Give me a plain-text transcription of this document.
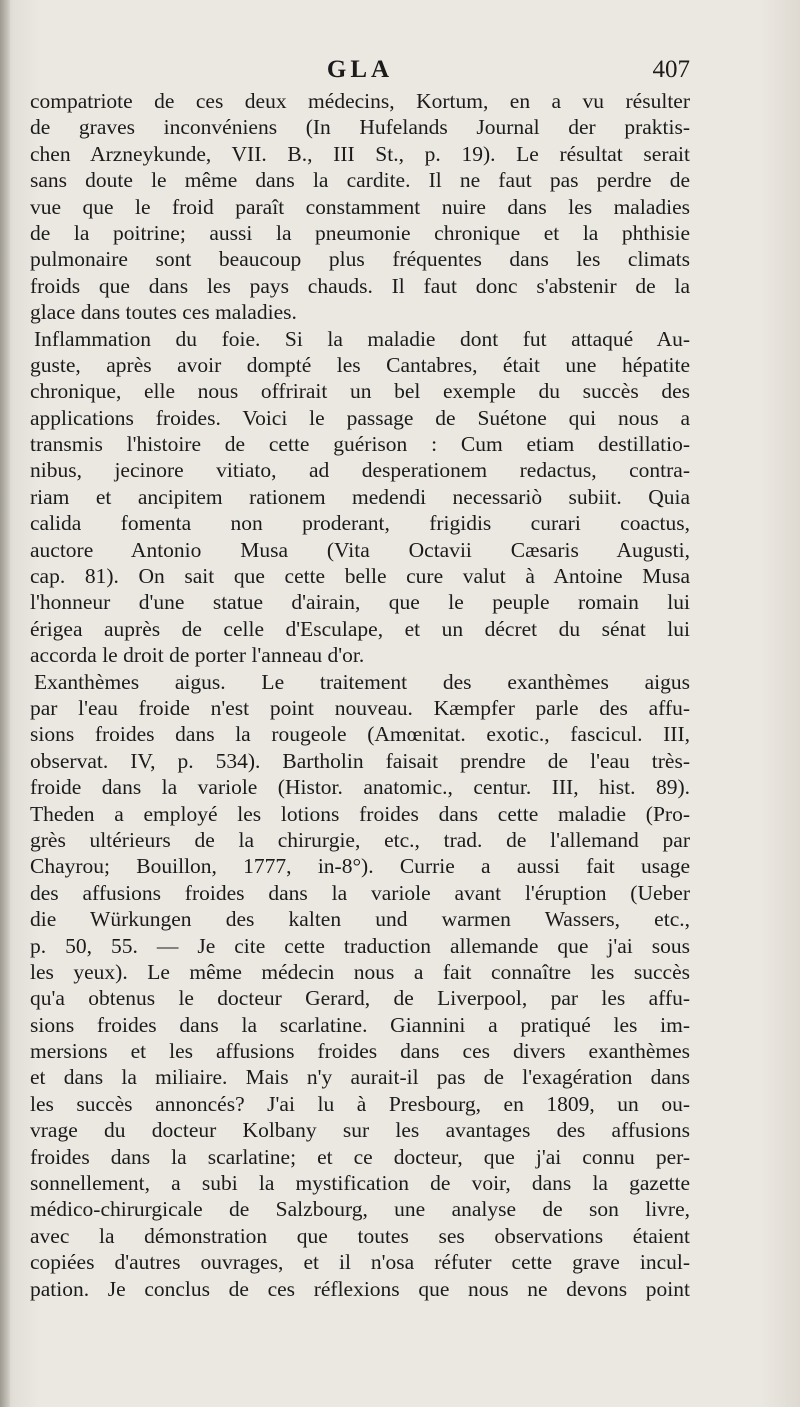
GLA	407
compatriote de ces deux médecins, Kortum, en a vu résulter
de graves inconvéniens (In Hufelands Journal der praktis-
chen Arzneykunde, VII. B., III St., p. 19). Le résultat serait
sans doute le même dans la cardite. Il ne faut pas perdre de
vue que le froid paraît constamment nuire dans les maladies
de la poitrine; aussi la pneumonie chronique et la phthisie
pulmonaire sont beaucoup plus fréquentes dans les climats
froids que dans les pays chauds. Il faut donc s'abstenir de la
glace dans toutes ces maladies.
Inflammation du foie. Si la maladie dont fut attaqué Au-
guste, après avoir dompté les Cantabres, était une hépatite
chronique, elle nous offrirait un bel exemple du succès des
applications froides. Voici le passage de Suétone qui nous a
transmis l'histoire de cette guérison : Cum etiam destillatio-
nibus, jecinore vitiato, ad desperationem redactus, contra-
riam et ancipitem rationem medendi necessariò subiit. Quia
calida fomenta non proderant, frigidis curari coactus,
auctore Antonio Musa (Vita Octavii Cæsaris Augusti,
cap. 81). On sait que cette belle cure valut à Antoine Musa
l'honneur d'une statue d'airain, que le peuple romain lui
érigea auprès de celle d'Esculape, et un décret du sénat lui
accorda le droit de porter l'anneau d'or.
Exanthèmes aigus. Le traitement des exanthèmes aigus
par l'eau froide n'est point nouveau. Kæmpfer parle des affu-
sions froides dans la rougeole (Amœnitat. exotic., fascicul. III,
observat. IV, p. 534). Bartholin faisait prendre de l'eau très-
froide dans la variole (Histor. anatomic., centur. III, hist. 89).
Theden a employé les lotions froides dans cette maladie (Pro-
grès ultérieurs de la chirurgie, etc., trad. de l'allemand par
Chayrou; Bouillon, 1777, in-8°). Currie a aussi fait usage
des affusions froides dans la variole avant l'éruption (Ueber
die Würkungen des kalten und warmen Wassers, etc.,
p. 50, 55. — Je cite cette traduction allemande que j'ai sous
les yeux). Le même médecin nous a fait connaître les succès
qu'a obtenus le docteur Gerard, de Liverpool, par les affu-
sions froides dans la scarlatine. Giannini a pratiqué les im-
mersions et les affusions froides dans ces divers exanthèmes
et dans la miliaire. Mais n'y aurait-il pas de l'exagération dans
les succès annoncés? J'ai lu à Presbourg, en 1809, un ou-
vrage du docteur Kolbany sur les avantages des affusions
froides dans la scarlatine; et ce docteur, que j'ai connu per-
sonnellement, a subi la mystification de voir, dans la gazette
médico-chirurgicale de Salzbourg, une analyse de son livre,
avec la démonstration que toutes ses observations étaient
copiées d'autres ouvrages, et il n'osa réfuter cette grave incul-
pation. Je conclus de ces réflexions que nous ne devons point
